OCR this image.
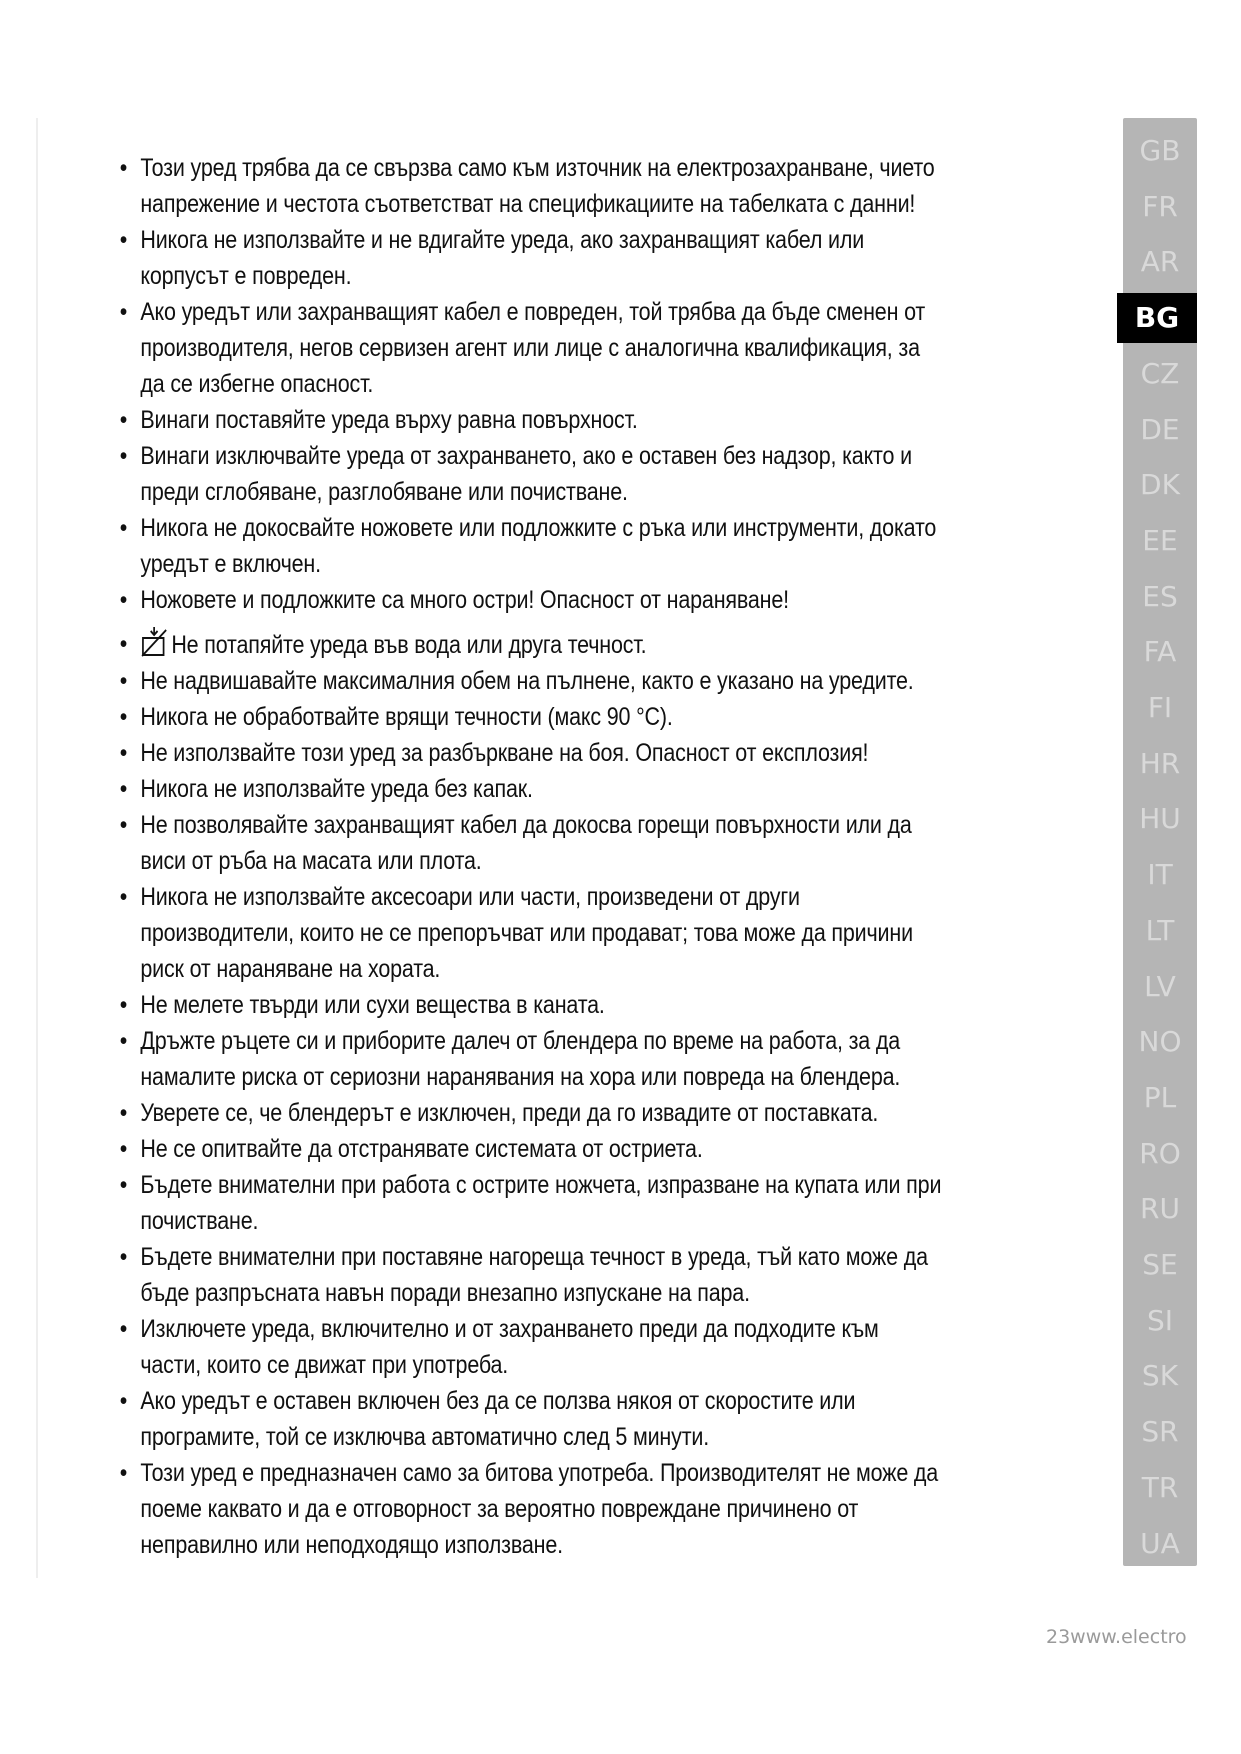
• Този уред трябва да се свързва само към източник на електрозахранване, чието напрежение и честота съответстват на спецификациите на табелката с данни!
• Никога не използвайте и не вдигайте уреда, ако захранващият кабел или корпусът е повреден.
• Ако уредът или захранващият кабел е повреден, той трябва да бъде сменен от производителя, негов сервизен агент или лице с аналогична квалификация, за да се избегне опасност.
• Винаги поставяйте уреда върху равна повърхност.
• Винаги изключвайте уреда от захранването, ако е оставен без надзор, както и преди сглобяване, разглобяване или почистване.
• Никога не докосвайте ножовете или подложките с ръка или инструменти, докато уредът е включен.
• Ножовете и подложките са много остри! Опасност от нараняване!
• Не потапяйте уреда във вода или друга течност.
• Не надвишавайте максималния обем на пълнене, както е указано на уредите.
• Никога не обработвайте врящи течности (макс 90 °C).
• Не използвайте този уред за разбъркване на боя. Опасност от експлозия!
• Никога не използвайте уреда без капак.
• Не позволявайте захранващият кабел да докосва горещи повърхности или да виси от ръба на масата или плота.
• Никога не използвайте аксесоари или части, произведени от други производители, които не се препоръчват или продават; това може да причини риск от нараняване на хората.
• Не мелете твърди или сухи вещества в каната.
• Дръжте ръцете си и приборите далеч от блендера по време на работа, за да намалите риска от сериозни наранявания на хора или повреда на блендера.
• Уверете се, че блендерът е изключен, преди да го извадите от поставката.
• Не се опитвайте да отстранявате системата от остриета.
• Бъдете внимателни при работа с острите ножчета, изпразване на купата или при почистване.
• Бъдете внимателни при поставяне нагореща течност в уреда, тъй като може да бъде разпръсната навън поради внезапно изпускане на пара.
• Изключете уреда, включително и от захранването преди да подходите към части, които се движат при употреба.
• Ако уредът е оставен включен без да се ползва някоя от скоростите или програмите, той се изключва автоматично след 5 минути.
• Този уред е предназначен само за битова употреба. Производителят не може да поеме каквато и да е отговорност за вероятно повреждане причинено от неправилно или неподходящо използване.
GB
FR
AR
BG
CZ
DE
DK
EE
ES
FA
FI
HR
HU
IT
LT
LV
NO
PL
RO
RU
SE
SI
SK
SR
TR
UA
23www.electro
